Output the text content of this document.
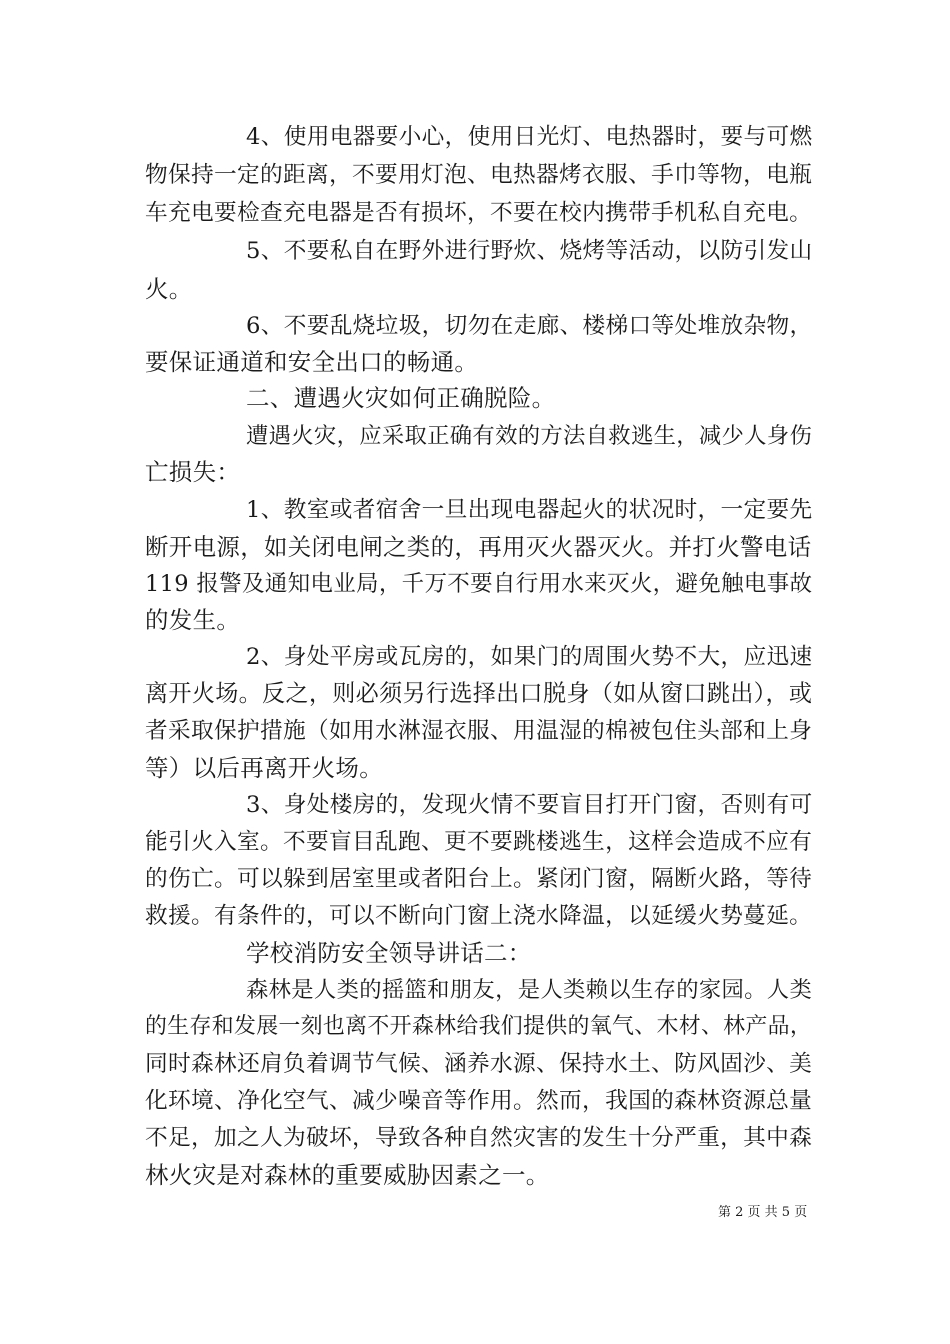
4、使用电器要小心，使用日光灯、电热器时，要与可燃
物保持一定的距离，不要用灯泡、电热器烤衣服、手巾等物，电瓶
车充电要检查充电器是否有损坏，不要在校内携带手机私自充电。
5、不要私自在野外进行野炊、烧烤等活动，以防引发山
火。
6、不要乱烧垃圾，切勿在走廊、楼梯口等处堆放杂物，
要保证通道和安全出口的畅通。
二、遭遇火灾如何正确脱险。
遭遇火灾，应采取正确有效的方法自救逃生，减少人身伤
亡损失：
1、教室或者宿舍一旦出现电器起火的状况时，一定要先
断开电源，如关闭电闸之类的，再用灭火器灭火。并打火警电话
119 报警及通知电业局，千万不要自行用水来灭火，避免触电事故
的发生。
2、身处平房或瓦房的，如果门的周围火势不大，应迅速
离开火场。反之，则必须另行选择出口脱身（如从窗口跳出），或
者采取保护措施（如用水淋湿衣服、用温湿的棉被包住头部和上身
等）以后再离开火场。
3、身处楼房的，发现火情不要盲目打开门窗，否则有可
能引火入室。不要盲目乱跑、更不要跳楼逃生，这样会造成不应有
的伤亡。可以躲到居室里或者阳台上。紧闭门窗，隔断火路，等待
救援。有条件的，可以不断向门窗上浇水降温，以延缓火势蔓延。
学校消防安全领导讲话二：
森林是人类的摇篮和朋友，是人类赖以生存的家园。人类
的生存和发展一刻也离不开森林给我们提供的氧气、木材、林产品，
同时森林还肩负着调节气候、涵养水源、保持水土、防风固沙、美
化环境、净化空气、减少噪音等作用。然而，我国的森林资源总量
不足，加之人为破坏，导致各种自然灾害的发生十分严重，其中森
林火灾是对森林的重要威胁因素之一。
第 2 页 共 5 页
